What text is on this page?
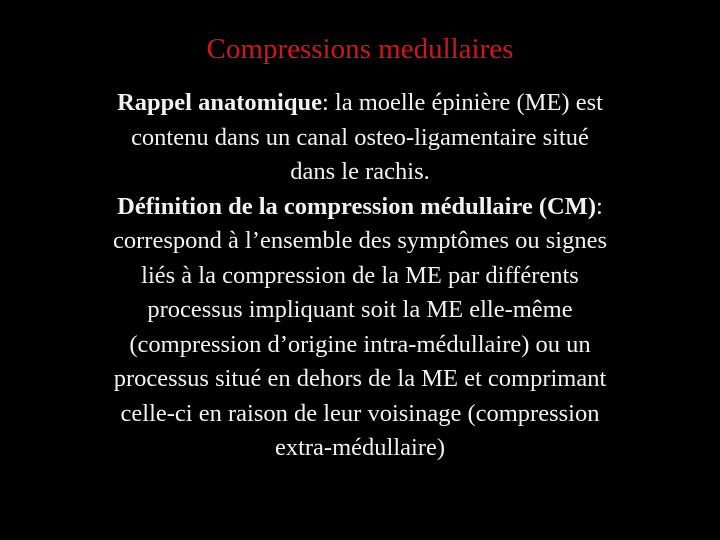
Compressions medullaires
Rappel anatomique: la moelle épinière (ME) est
contenu dans un canal osteo-ligamentaire situé
dans le rachis.
Définition de la compression médullaire (CM):
correspond à l’ensemble des symptômes ou signes
liés à la compression de la ME par différents
processus impliquant soit la ME elle-même
(compression d’origine intra-médullaire) ou un
processus situé en dehors de la ME et comprimant
celle-ci en raison de leur voisinage (compression
extra-médullaire)
